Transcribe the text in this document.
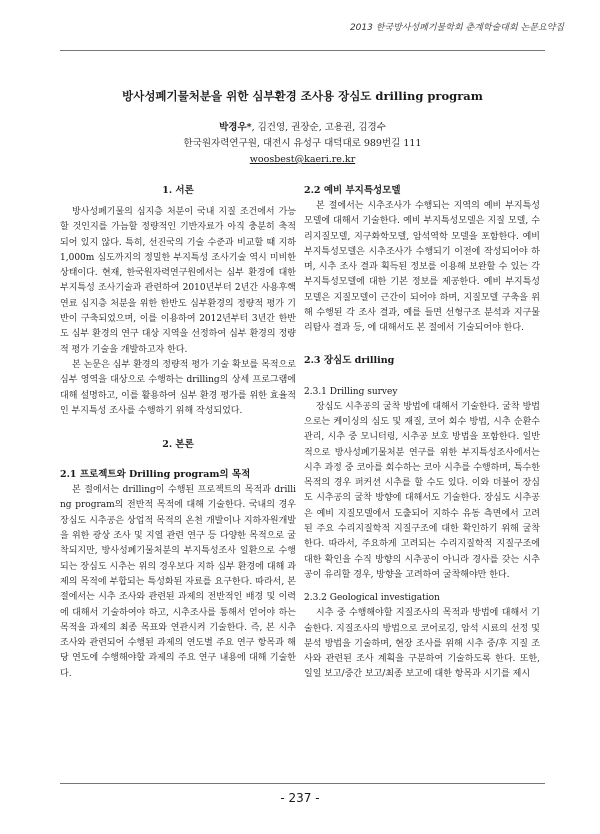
2013 한국방사성폐기물학회 춘계학술대회 논문요약집
방사성폐기물처분을 위한 심부환경 조사용 장심도 drilling program
박경우*, 김건영, 권장순, 고용권, 김경수
한국원자력연구원, 대전시 유성구 대덕대로 989번길 111
woosbest@kaeri.re.kr
1. 서론

방사성폐기물의 심지층 처분이 국내 지질 조건에서 가능할 것인지를 가늠할 정량적인 기반자료가 아직 충분히 축적되어 있지 않다. 특히, 선진국의 기술 수준과 비교할 때 지하 1,000m 심도까지의 정밀한 부지특성 조사기술 역시 미비한 상태이다. 현재, 한국원자력연구원에서는 심부 환경에 대한 부지특성 조사기술과 관련하여 2010년부터 2년간 사용후핵연료 심지층 처분을 위한 한반도 심부환경의 정량적 평가 기반이 구축되었으며, 이를 이용하여 2012년부터 3년간 한반도 심부 환경의 연구 대상 지역을 선정하여 심부 환경의 정량적 평가 기술을 개발하고자 한다.

본 논문은 심부 환경의 정량적 평가 기술 확보를 목적으로 심부 영역을 대상으로 수행하는 drilling의 상세 프로그램에 대해 설명하고, 이를 활용하여 심부 환경 평가를 위한 효율적인 부지특성 조사를 수행하기 위해 작성되었다.

2. 본론
2.1 프로젝트와 Drilling program의 목적

본 절에서는 drilling이 수행된 프로젝트의 목적과 drilling program의 전반적 목적에 대해 기술한다. 국내의 경우 장심도 시추공은 상업적 목적의 온천 개발이나 지하자원개발을 위한 광상 조사 및 지열 관련 연구 등 다양한 목적으로 굴착되지만, 방사성폐기물처분의 부지특성조사 일환으로 수행되는 장심도 시추는 위의 경우보다 지하 심부 환경에 대해 과제의 목적에 부합되는 특성화된 자료를 요구한다. 따라서, 본 절에서는 시추 조사와 관련된 과제의 전반적인 배경 및 이력에 대해서 기술하여야 하고, 시추조사를 통해서 얻어야 하는 목적을 과제의 최종 목표와 연관시켜 기술한다. 즉, 본 시추조사와 관련되어 수행된 과제의 연도별 주요 연구 항목과 해당 연도에 수행해야할 과제의 주요 연구 내용에 대해 기술한다.

2.2 예비 부지특성모델

본 절에서는 시추조사가 수행되는 지역의 예비 부지특성모델에 대해서 기술한다. 예비 부지특성모델은 지질 모델, 수리지질모델, 지구화학모델, 암석역학 모델을 포함한다. 예비 부지특성모델은 시추조사가 수행되기 이전에 작성되어야 하며, 시추 조사 결과 획득된 정보를 이용해 보완할 수 있는 각 부지특성모델에 대한 기본 정보를 제공한다. 예비 부지특성모델은 지질모델이 근간이 되어야 하며, 지질모델 구축을 위해 수행된 각 조사 결과, 예를 들면 선형구조 분석과 지구물리탐사 결과 등, 에 대해서도 본 절에서 기술되어야 한다.

2.3 장심도 drilling
2.3.1 Drilling survey

장심도 시추공의 굴착 방법에 대해서 기술한다. 굴착 방법으로는 케이싱의 심도 및 재질, 코어 회수 방법, 시추 순환수 관리, 시추 중 모니터링, 시추공 보호 방법을 포함한다. 일반적으로 방사성폐기물처분 연구를 위한 부지특성조사에서는 시추 과정 중 코아를 회수하는 코아 시추를 수행하며, 특수한 목적의 경우 퍼커션 시추를 할 수도 있다. 이와 더불어 장심도 시추공의 굴착 방향에 대해서도 기술한다. 장심도 시추공은 예비 지질모델에서 도출되어 지하수 유동 측면에서 고려된 주요 수리지질학적 지질구조에 대한 확인하기 위해 굴착한다. 따라서, 주요하게 고려되는 수리지질학적 지질구조에 대한 확인을 수직 방향의 시추공이 아니라 경사를 갖는 시추공이 유리할 경우, 방향을 고려하여 굴착해야만 한다.

2.3.2 Geological investigation

시추 중 수행해야할 지질조사의 목적과 방법에 대해서 기술한다. 지질조사의 방법으로 코어로깅, 암석 시료의 선정 및 분석 방법을 기술하며, 현장 조사를 위해 시추 중/후 지질 조사와 관련된 조사 계획을 구분하여 기술하도록 한다. 또한, 일일 보고/중간 보고/최종 보고에 대한 항목과 시기를 제시

- 237 -
